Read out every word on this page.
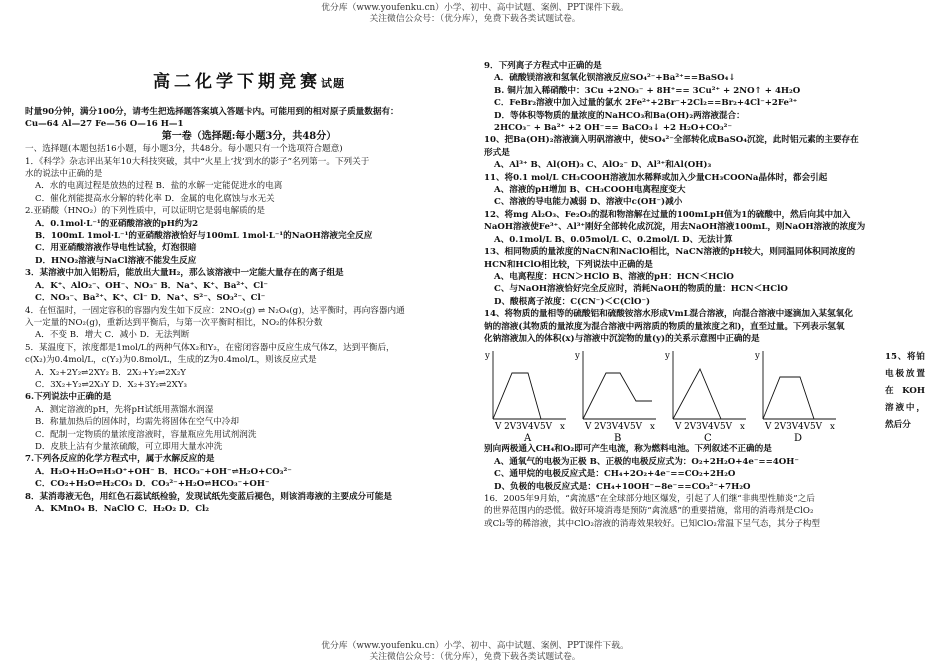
优分库（www.youfenku.cn）小学、初中、高中试题、案例、PPT课件下载。
关注微信公众号：（优分库），免费下载各类试题试卷。
高二化学下期竞赛试题
时量90分钟，满分100分，请考生把选择题答案填入答题卡内。可能用到的相对原子质量数据有：
Cu—64 Al—27 Fe—56 O—16 H—1
第一卷（选择题:每小题3分，共48分）
一、选择题(本题包括16小题，每小题3分，共48分。每小题只有一个选项符合题意)
1．《科学》杂志评出某年10大科技突破，其中“火星上‘找’到水的影子”名列第一。下列关于
水的说法中正确的是
A．水的电离过程是放热的过程 B．盐的水解一定能促进水的电离
C．催化剂能提高水分解的转化率 D．金属的电化腐蚀与水无关
2.亚硝酸（HNO₂）的下列性质中，可以证明它是弱电解质的是
A．0.1mol·L⁻¹的亚硝酸溶液的pH约为2
B．100mL 1mol·L⁻¹的亚硝酸溶液恰好与100mL 1mol·L⁻¹的NaOH溶液完全反应
C．用亚硝酸溶液作导电性试验，灯泡很暗
D．HNO₂溶液与NaCl溶液不能发生反应
3．某溶液中加入铝粉后，能放出大量H₂，那么该溶液中一定能大量存在的离子组是
A．K⁺、AlO₂⁻、OH⁻、NO₃⁻ B．Na⁺、K⁺、Ba²⁺、Cl⁻
C．NO₃⁻、Ba²⁺、K⁺、Cl⁻ D．Na⁺、S²⁻、SO₃²⁻、Cl⁻
4．在恒温时，一固定容积的容器内发生如下反应：2NO₂(g) ⇌ N₂O₄(g)，达平衡时，再向容器内通
入一定量的NO₂(g)，重新达到平衡后，与第一次平衡时相比，NO₂的体积分数
A．不变 B．增大 C．减小 D．无法判断
5．某温度下，浓度都是1mol/L的两种气体X₂和Y₂，在密闭容器中反应生成气体Z，达到平衡后，
c(X₂)为0.4mol/L，c(Y₂)为0.8mol/L，生成的Z为0.4mol/L，则该反应式是
A．X₂+2Y₂⇌2XY₂ B．2X₂+Y₂⇌2X₂Y
C．3X₂+Y₂⇌2X₃Y D．X₂+3Y₂⇌2XY₃
6.下列说法中正确的是
A．测定溶液的pH，先将pH试纸用蒸馏水润湿
B．称量加热后的固体时，均需先将固体在空气中冷却
C．配制一定物质的量浓度溶液时，容量瓶应先用试剂润洗
D．皮肤上沾有少量浓硫酸，可立即用大量水冲洗
7.下列各反应的化学方程式中，属于水解反应的是
A．H₂O+H₂O⇌H₃O⁺+OH⁻ B．HCO₃⁻+OH⁻⇌H₂O+CO₃²⁻
C．CO₂+H₂O⇌H₂CO₃ D．CO₃²⁻+H₂O⇌HCO₃⁻+OH⁻
8．某消毒液无色，用红色石蕊试纸检验，发现试纸先变蓝后褪色，则该消毒液的主要成分可能是
A．KMnO₄ B．NaClO C．H₂O₂ D．Cl₂
9．下列离子方程式中正确的是
A．硫酸镁溶液和氢氧化钡溶液反应SO₄²⁻+Ba²⁺==BaSO₄↓
B. 铜片加入稀硝酸中：3Cu +2NO₃⁻ + 8H⁺== 3Cu²⁺ + 2NO↑ + 4H₂O
C．FeBr₂溶液中加入过量的氯水 2Fe²⁺+2Br⁻+2Cl₂==Br₂+4Cl⁻+2Fe³⁺
D．等体积等物质的量浓度的NaHCO₃和Ba(OH)₂两溶液混合：
2HCO₃⁻ + Ba²⁺ +2 OH⁻== BaCO₃↓ +2 H₂O+CO₃²⁻
10、把Ba(OH)₂溶液滴入明矾溶液中，使SO₄²⁻全部转化成BaSO₄沉淀，此时铝元素的主要存在
形式是
A、Al³⁺ B、Al(OH)₃ C、AlO₂⁻ D、Al³⁺和Al(OH)₃
11、将0.1 mol/L CH₃COOH溶液加水稀释或加入少量CH₃COONa晶体时，都会引起
A、溶液的pH增加 B、CH₃COOH电离程度变大
C、溶液的导电能力减弱 D、溶液中c(OH⁻)减小
12、将mg Al₂O₃、Fe₂O₃的混和物溶解在过量的100mLpH值为1的硫酸中，然后向其中加入
NaOH溶液使Fe³⁺、Al³⁺刚好全部转化成沉淀，用去NaOH溶液100mL，则NaOH溶液的浓度为
A、0.1mol/L B、0.05mol/L C、0.2mol/L D、无法计算
13、相同物质的量浓度的NaCN和NaClO相比，NaCN溶液的pH较大，则同温同体积同浓度的
HCN和HClO相比较，下列说法中正确的是
A、电离程度：HCN＞HClO B、溶液的pH：HCN＜HClO
C、与NaOH溶液恰好完全反应时，消耗NaOH的物质的量：HCN＜HClO
D、酸根离子浓度：C(CN⁻)＜C(ClO⁻)
14、将物质的量相等的硫酸铝和硫酸铵溶水形成VmL混合溶液，向混合溶液中逐滴加入某氢氧化
钠的溶液(其物质的量浓度为混合溶液中两溶质的物质的量浓度之和)，直至过量。下列表示氢氧
化钠溶液加入的体积(x)与溶液中沉淀物的量(y)的关系示意图中正确的是
y
V 2V3V4V5V x
A
y
V 2V3V4V5V x
B
y
V 2V3V4V5V x
C
y
V 2V3V4V5V x
D
15、将铂电极放置在KOH溶液中，然后分
别向两极通入CH₄和O₂即可产生电流，称为燃料电池。下列叙述不正确的是
A、通氧气的电极为正极 B、正极的电极反应式为：O₂+2H₂O+4e⁻==4OH⁻
C、通甲烷的电极反应式是：CH₄+2O₂+4e⁻==CO₂+2H₂O
D、负极的电极反应式是：CH₄+10OH⁻−8e⁻==CO₃²⁻+7H₂O
16．2005年9月始，“禽流感”在全球部分地区爆发，引起了人们继“非典型性肺炎”之后
的世界范围内的恐慌。做好环境消毒是预防“禽流感”的重要措施，常用的消毒剂是ClO₂
或Cl₂等的稀溶液，其中ClO₂溶液的消毒效果较好。已知ClO₂常温下呈气态，其分子构型
优分库（www.youfenku.cn）小学、初中、高中试题、案例、PPT课件下载。
关注微信公众号：（优分库），免费下载各类试题试卷。
